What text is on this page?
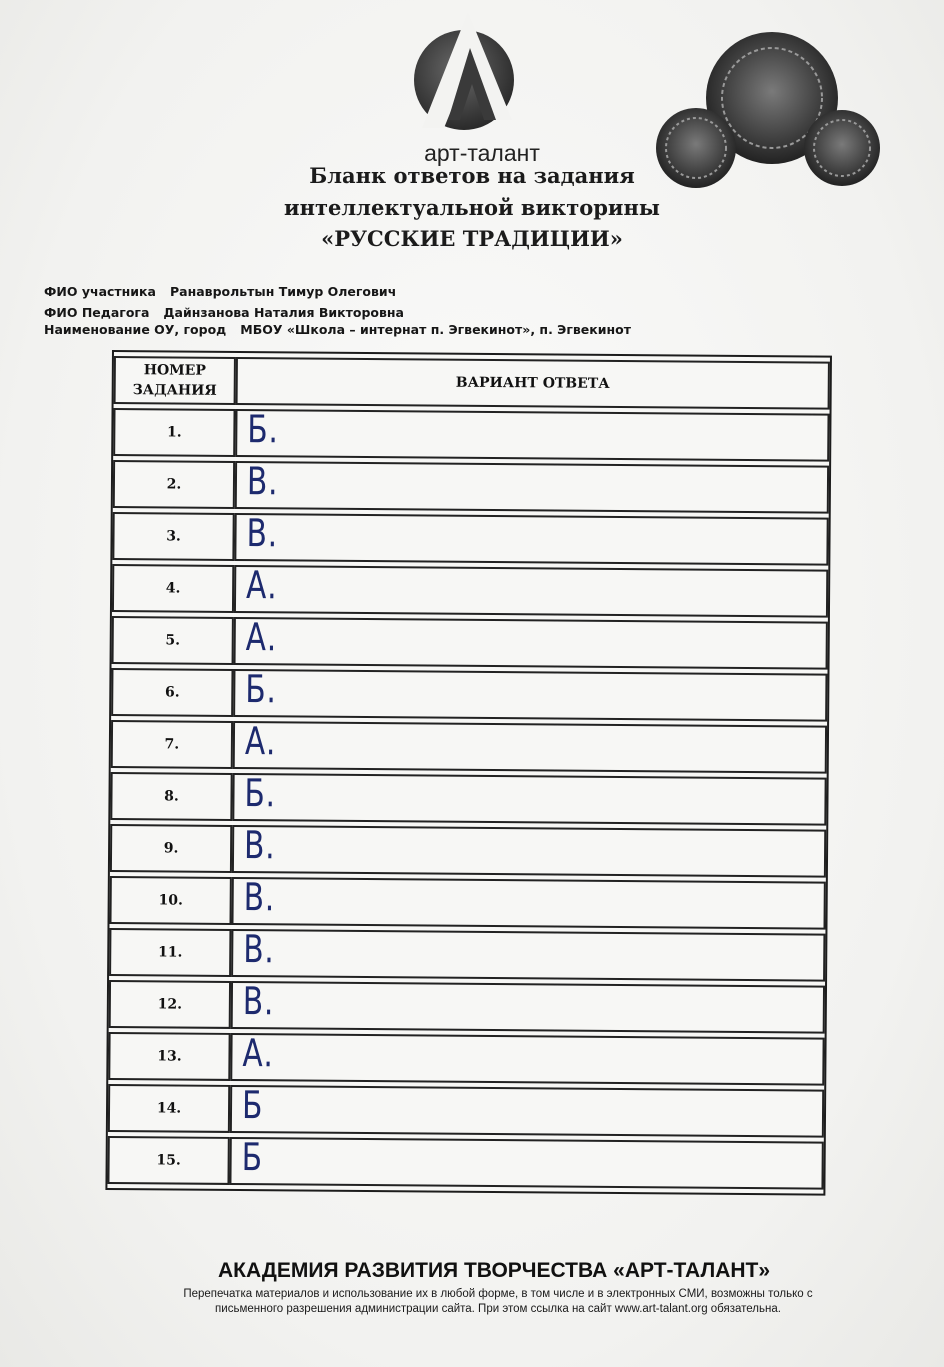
арт-талант
Бланк ответов на задания
интеллектуальной викторины
«РУССКИЕ ТРАДИЦИИ»
ФИО участника Ранаврольтын Тимур Олегович
ФИО Педагога Дайнзанова Наталия Викторовна
Наименование ОУ, город МБОУ «Школа – интернат п. Эгвекинот», п. Эгвекинот
НОМЕР
ЗАДАНИЯ	ВАРИАНТ ОТВЕТА
1.	Б.

2.	В.

3.	В.

4.	А.

5.	А.

6.	Б.

7.	А.

8.	Б.

9.	В.

10.	В.

11.	В.

12.	В.

13.	А.

14.	Б

15.	Б
АКАДЕМИЯ РАЗВИТИЯ ТВОРЧЕСТВА «АРТ-ТАЛАНТ»
Перепечатка материалов и использование их в любой форме, в том числе и в электронных СМИ, возможны только с
письменного разрешения администрации сайта. При этом ссылка на сайт www.art-talant.org обязательна.
